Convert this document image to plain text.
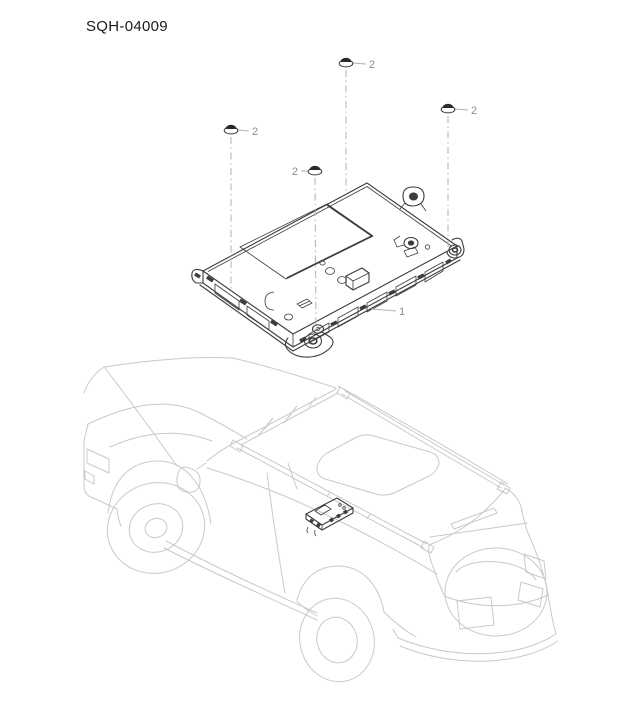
SQH-04009
2
2
2
2
1
